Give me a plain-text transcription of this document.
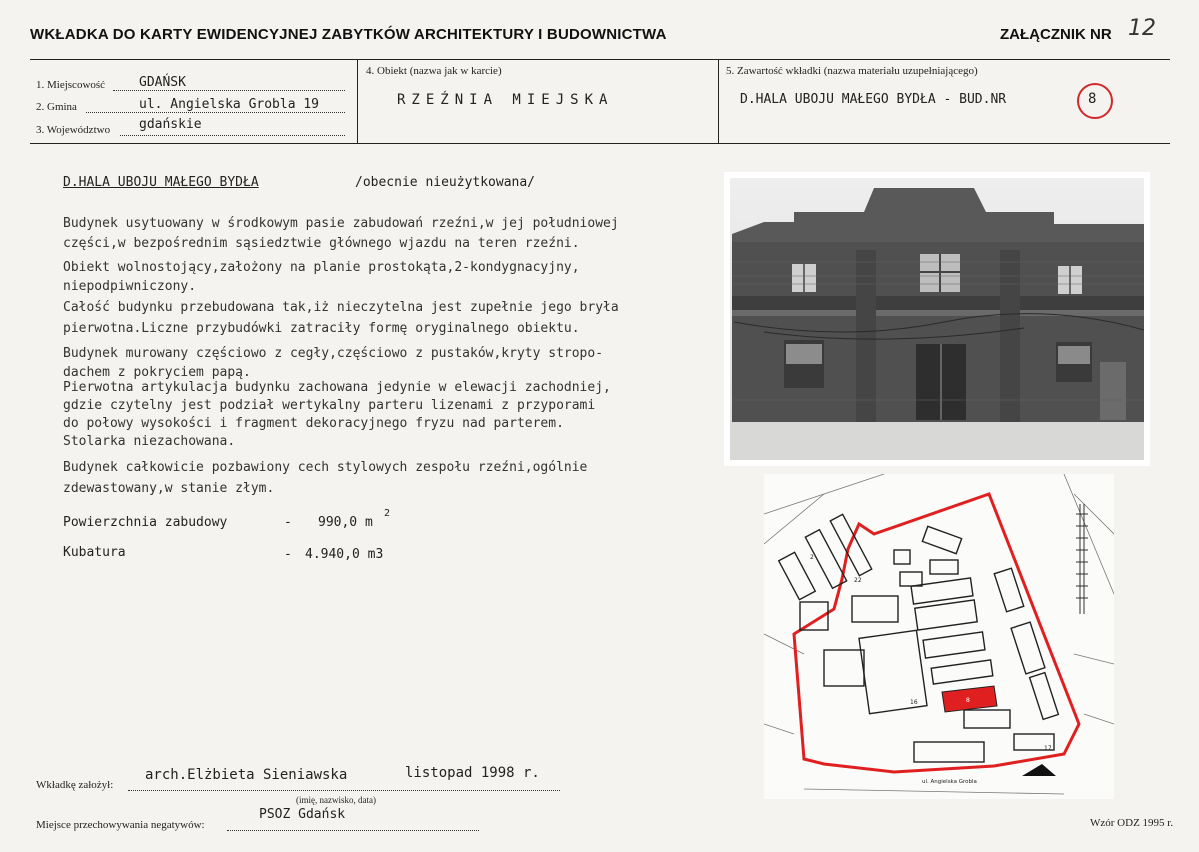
WKŁADKA DO KARTY EWIDENCYJNEJ ZABYTKÓW ARCHITEKTURY I BUDOWNICTWA	ZAŁĄCZNIK NR 12
1. Miejscowość	GDAŃSK
2. Gmina	ul. Angielska Grobla 19
3. Województwo gdańskie
4. Obiekt (nazwa jak w karcie)
RZEŹNIA MIEJSKA
5. Zawartość wkładki (nazwa materiału uzupełniającego)
D.HALA UBOJU MAŁEGO BYDŁA - BUD.NR	8
D.HALA UBOJU MAŁEGO BYDŁA	/obecnie nieużytkowana/
Budynek usytuowany w środkowym pasie zabudowań rzeźni,w jej południowej
części,w bezpośrednim sąsiedztwie głównego wjazdu na teren rzeźni.
Obiekt wolnostojący,założony na planie prostokąta,2-kondygnacyjny,
niepodpiwniczony.
Całość budynku przebudowana tak,iż nieczytelna jest zupełnie jego bryła
pierwotna.Liczne przybudówki zatraciły formę oryginalnego obiektu.
Budynek murowany częściowo z cegły,częściowo z pustaków,kryty stropo-
dachem z pokryciem papą.
Pierwotna artykulacja budynku zachowana jedynie w elewacji zachodniej,
gdzie czytelny jest podział wertykalny parteru lizenami z przyporami
do połowy wysokości i fragment dekoracyjnego fryzu nad parterem.
Stolarka niezachowana.
Budynek całkowicie pozbawiony cech stylowych zespołu rzeźni,ogólnie
zdewastowany,w stanie złym.
Powierzchnia zabudowy	- 990,0 m
2
Kubatura	- 4.940,0 m3
ul. Angielska Grobla
2
22
16
17
8
Wkładkę założył:
arch.Elżbieta Sieniawska	listopad 1998 r.
(imię, nazwisko, data)
Miejsce przechowywania negatywów:
PSOZ Gdańsk
Wzór ODZ 1995 r.
